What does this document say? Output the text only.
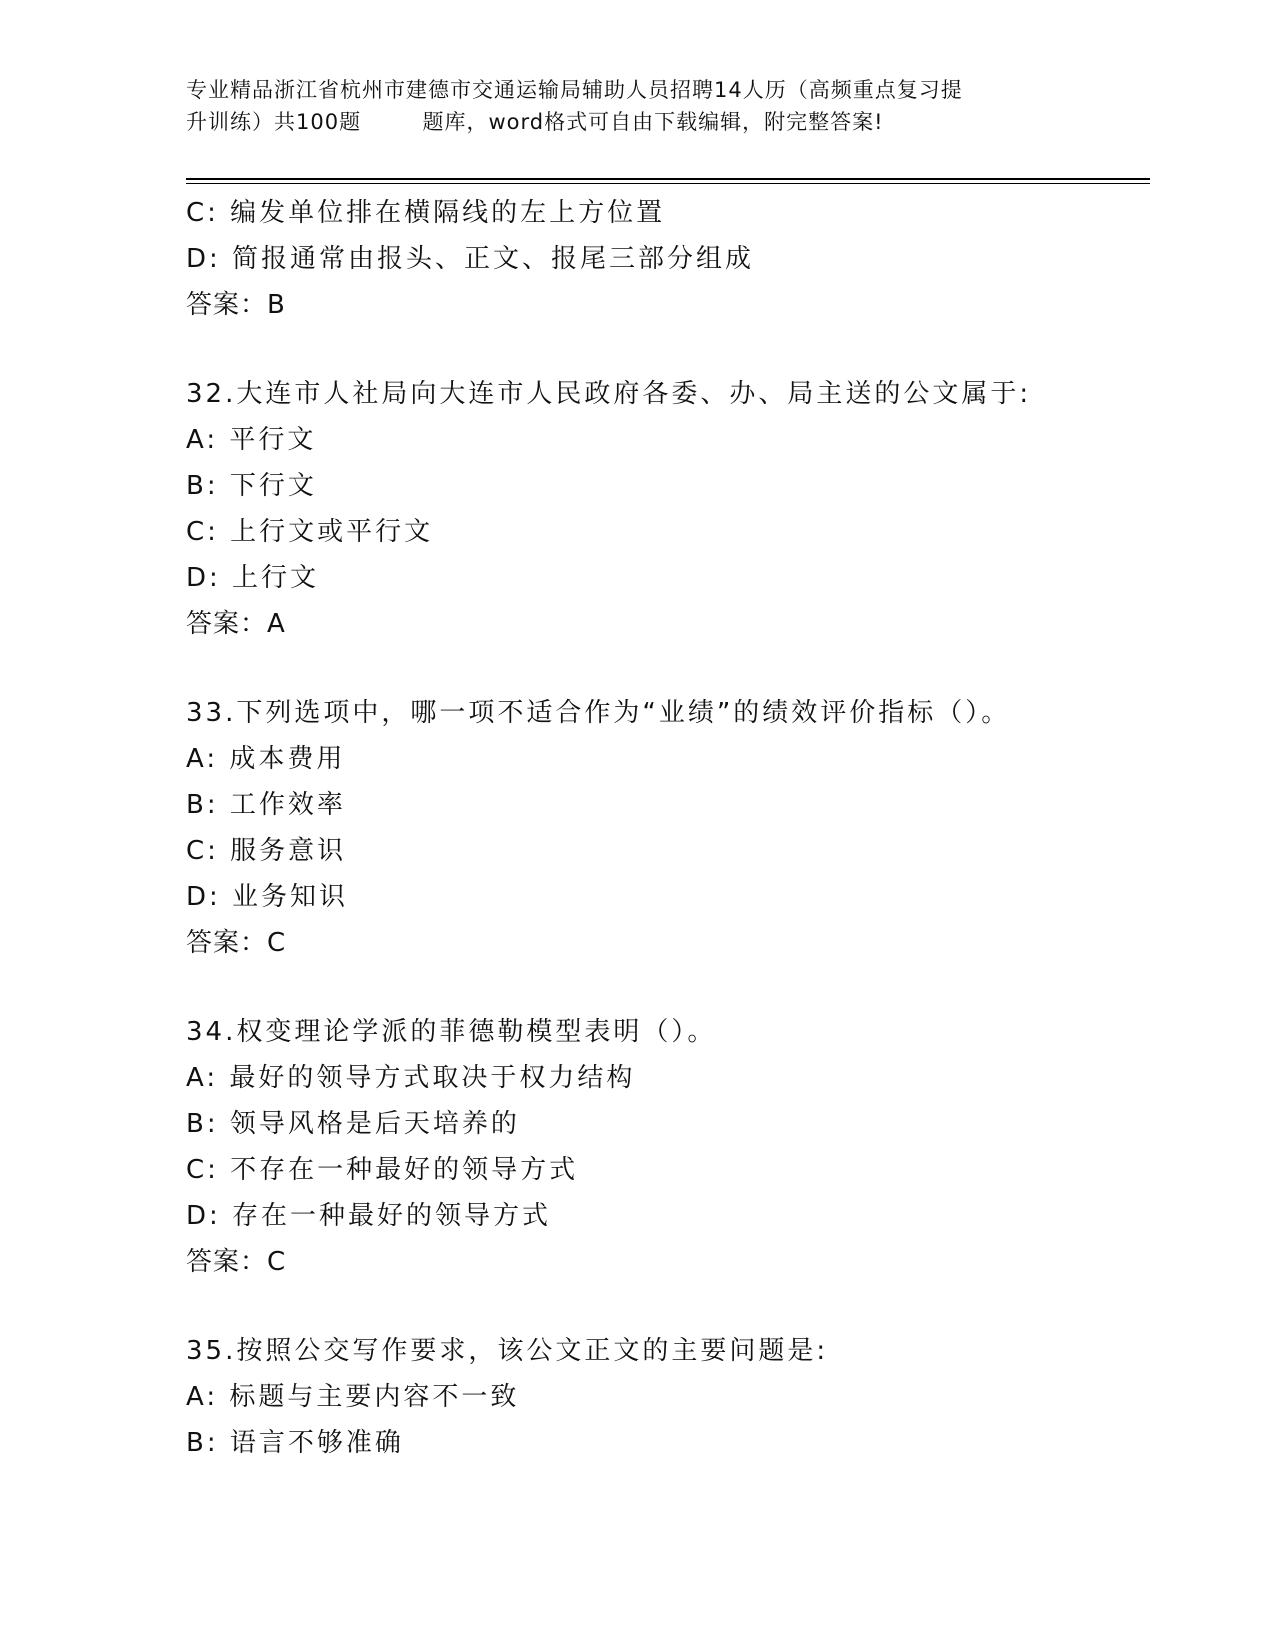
专业精品浙江省杭州市建德市交通运输局辅助人员招聘14人历（高频重点复习提
升训练）共100题        题库，word格式可自由下载编辑，附完整答案!
C: 编发单位排在横隔线的左上方位置
D: 简报通常由报头、正文、报尾三部分组成
答案：B
32.大连市人社局向大连市人民政府各委、办、局主送的公文属于:
A: 平行文
B: 下行文
C: 上行文或平行文
D: 上行文
答案：A
33.下列选项中，哪一项不适合作为“业绩”的绩效评价指标（）。
A: 成本费用
B: 工作效率
C: 服务意识
D: 业务知识
答案：C
34.权变理论学派的菲德勒模型表明（）。
A: 最好的领导方式取决于权力结构
B: 领导风格是后天培养的
C: 不存在一种最好的领导方式
D: 存在一种最好的领导方式
答案：C
35.按照公交写作要求，该公文正文的主要问题是:
A: 标题与主要内容不一致
B: 语言不够准确
